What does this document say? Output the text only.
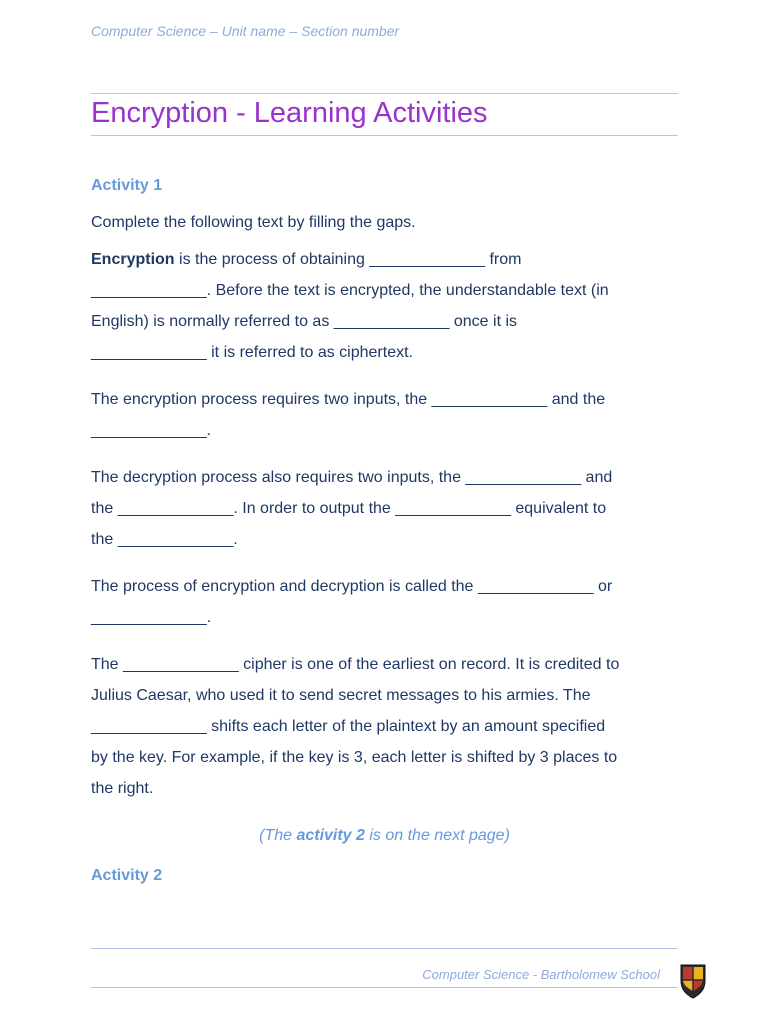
Computer Science – Unit name – Section number
Encryption - Learning Activities
Activity 1
Complete the following text by filling the gaps.
Encryption is the process of obtaining _____________ from
_____________. Before the text is encrypted, the understandable text (in
English) is normally referred to as _____________ once it is
_____________ it is referred to as ciphertext.
The encryption process requires two inputs, the _____________ and the
_____________.
The decryption process also requires two inputs, the _____________ and
the _____________. In order to output the _____________ equivalent to
the _____________.
The process of encryption and decryption is called the _____________ or
_____________.
The _____________ cipher is one of the earliest on record. It is credited to
Julius Caesar, who used it to send secret messages to his armies. The
_____________ shifts each letter of the plaintext by an amount specified
by the key. For example, if the key is 3, each letter is shifted by 3 places to
the right.
(The activity 2 is on the next page)
Activity 2
Computer Science - Bartholomew School
